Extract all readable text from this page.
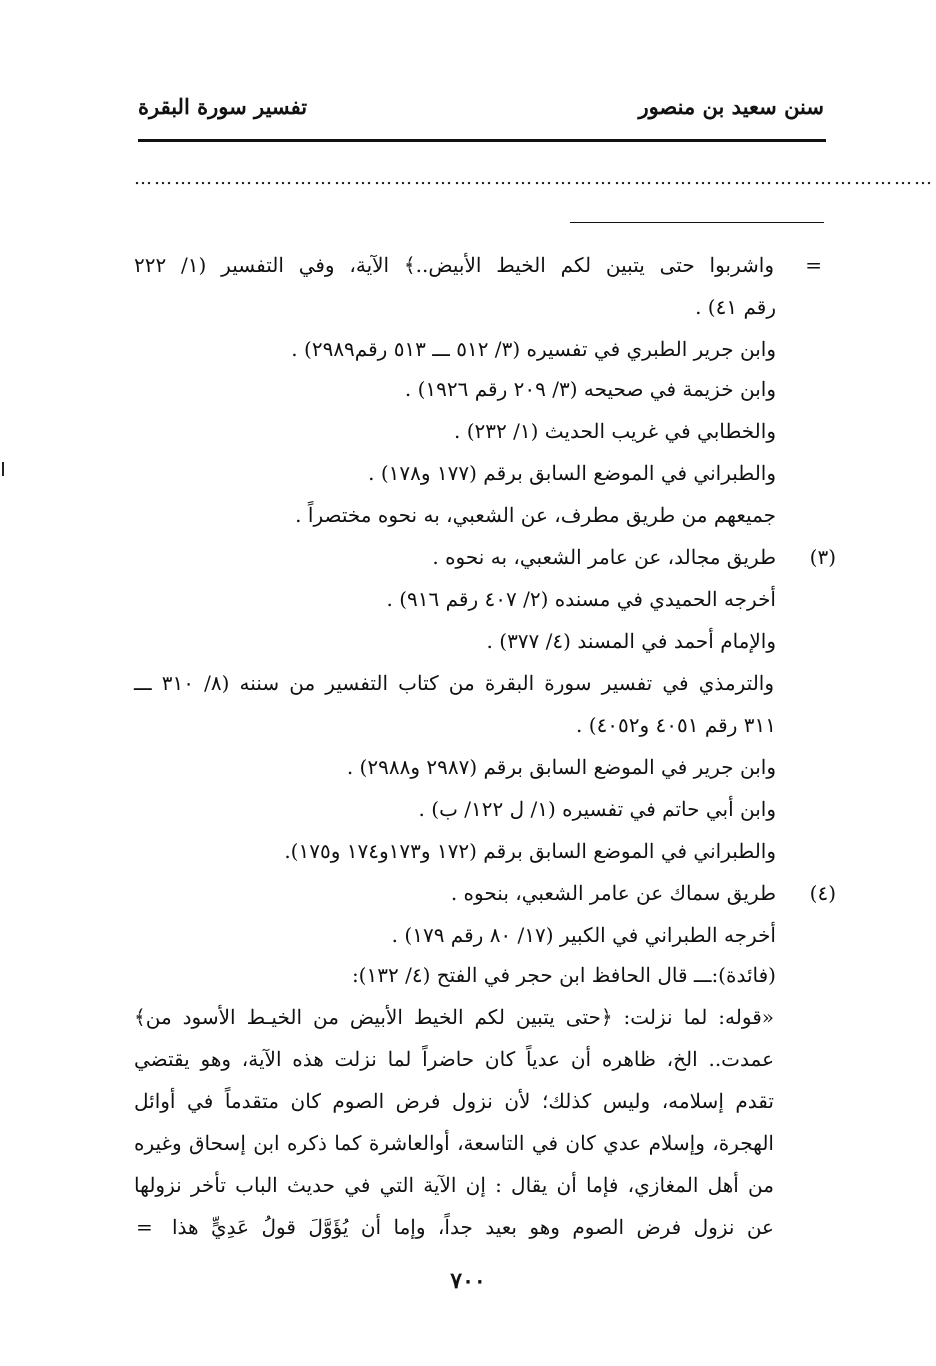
سنن سعيد بن منصور
تفسير سورة البقرة
…………………………………………………………………………………………………………
=
(٣)
(٤)
واشربوا حتى يتبين لكم الخيط الأبيض..﴾ الآية، وفي التفسير (١/ ٢٢٢
رقم ٤١) .
وابن جرير الطبري في تفسيره (٣/ ٥١٢ ـــ ٥١٣ رقم٢٩٨٩) .
وابن خزيمة في صحيحه (٣/ ٢٠٩ رقم ١٩٢٦) .
والخطابي في غريب الحديث (١/ ٢٣٢) .
والطبراني في الموضع السابق برقم (١٧٧ و١٧٨) .
جميعهم من طريق مطرف، عن الشعبي، به نحوه مختصراً .
طريق مجالد، عن عامر الشعبي، به نحوه .
أخرجه الحميدي في مسنده (٢/ ٤٠٧ رقم ٩١٦) .
والإمام أحمد في المسند (٤/ ٣٧٧) .
والترمذي في تفسير سورة البقرة من كتاب التفسير من سننه (٨/ ٣١٠ ـــ
٣١١ رقم ٤٠٥١ و٤٠٥٢) .
وابن جرير في الموضع السابق برقم (٢٩٨٧ و٢٩٨٨) .
وابن أبي حاتم في تفسيره (١/ ل ١٢٢/ ب) .
والطبراني في الموضع السابق برقم (١٧٢ و١٧٣و١٧٤ و١٧٥).
طريق سماك عن عامر الشعبي، بنحوه .
أخرجه الطبراني في الكبير (١٧/ ٨٠ رقم ١٧٩) .
(فائدة):ـــ قال الحافظ ابن حجر في الفتح (٤/ ١٣٢):
«قوله: لما نزلت: ﴿حتى يتبين لكم الخيط الأبيض من الخيـط الأسود من﴾
عمدت.. الخ، ظاهره أن عدياً كان حاضراً لما نزلت هذه الآية، وهو يقتضي
تقدم إسلامه، وليس كذلك؛ لأن نزول فرض الصوم كان متقدماً في أوائل
الهجرة، وإسلام عدي كان في التاسعة، أوالعاشرة كما ذكره ابن إسحاق وغيره
من أهل المغازي، فإما أن يقال : إن الآية التي في حديث الباب تأخر نزولها
عن نزول فرض الصوم وهو بعيد جداً، وإما أن يُؤَوَّلَ قولُ عَدِيٍّ هذا
=
٧٠٠
